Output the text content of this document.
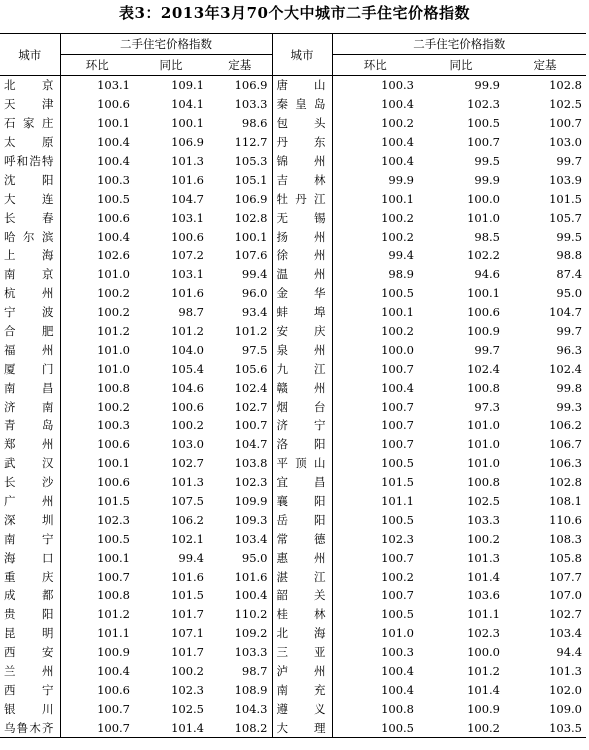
表3：2013年3月70个大中城市二手住宅价格指数
城市	二手住宅价格指数			城市	二手住宅价格指数		
	环比	同比	定基		环比	同比	定基
北　京	103.1	109.1	106.9	唐　山	100.3	99.9	102.8
天　津	100.6	104.1	103.3	秦皇岛	100.4	102.3	102.5
石家庄	100.1	100.1	98.6	包　头	100.2	100.5	100.7
太　原	100.4	106.9	112.7	丹　东	100.4	100.7	103.0
呼和浩特	100.4	101.3	105.3	锦　州	100.4	99.5	99.7
沈　阳	100.3	101.6	105.1	吉　林	99.9	99.9	103.9
大　连	100.5	104.7	106.9	牡丹江	100.1	100.0	101.5
长　春	100.6	103.1	102.8	无　锡	100.2	101.0	105.7
哈尔滨	100.4	100.6	100.1	扬　州	100.2	98.5	99.5
上　海	102.6	107.2	107.6	徐　州	99.4	102.2	98.8
南　京	101.0	103.1	99.4	温　州	98.9	94.6	87.4
杭　州	100.2	101.6	96.0	金　华	100.5	100.1	95.0
宁　波	100.2	98.7	93.4	蚌　埠	100.1	100.6	104.7
合　肥	101.2	101.2	101.2	安　庆	100.2	100.9	99.7
福　州	101.0	104.0	97.5	泉　州	100.0	99.7	96.3
厦　门	101.0	105.4	105.6	九　江	100.7	102.4	102.4
南　昌	100.8	104.6	102.4	赣　州	100.4	100.8	99.8
济　南	100.2	100.6	102.7	烟　台	100.7	97.3	99.3
青　岛	100.3	100.2	100.7	济　宁	100.7	101.0	106.2
郑　州	100.6	103.0	104.7	洛　阳	100.7	101.0	106.7
武　汉	100.1	102.7	103.8	平顶山	100.5	101.0	106.3
长　沙	100.6	101.3	102.3	宜　昌	101.5	100.8	102.8
广　州	101.5	107.5	109.9	襄　阳	101.1	102.5	108.1
深　圳	102.3	106.2	109.3	岳　阳	100.5	103.3	110.6
南　宁	100.5	102.1	103.4	常　德	102.3	100.2	108.3
海　口	100.1	99.4	95.0	惠　州	100.7	101.3	105.8
重　庆	100.7	101.6	101.6	湛　江	100.2	101.4	107.7
成　都	100.8	101.5	100.4	韶　关	100.7	103.6	107.0
贵　阳	101.2	101.7	110.2	桂　林	100.5	101.1	102.7
昆　明	101.1	107.1	109.2	北　海	101.0	102.3	103.4
西　安	100.9	101.7	103.3	三　亚	100.3	100.0	94.4
兰　州	100.4	100.2	98.7	泸　州	100.4	101.2	101.3
西　宁	100.6	102.3	108.9	南　充	100.4	101.4	102.0
银　川	100.7	102.5	104.3	遵　义	100.8	100.9	109.0
乌鲁木齐	100.7	101.4	108.2	大　理	100.5	100.2	103.5
